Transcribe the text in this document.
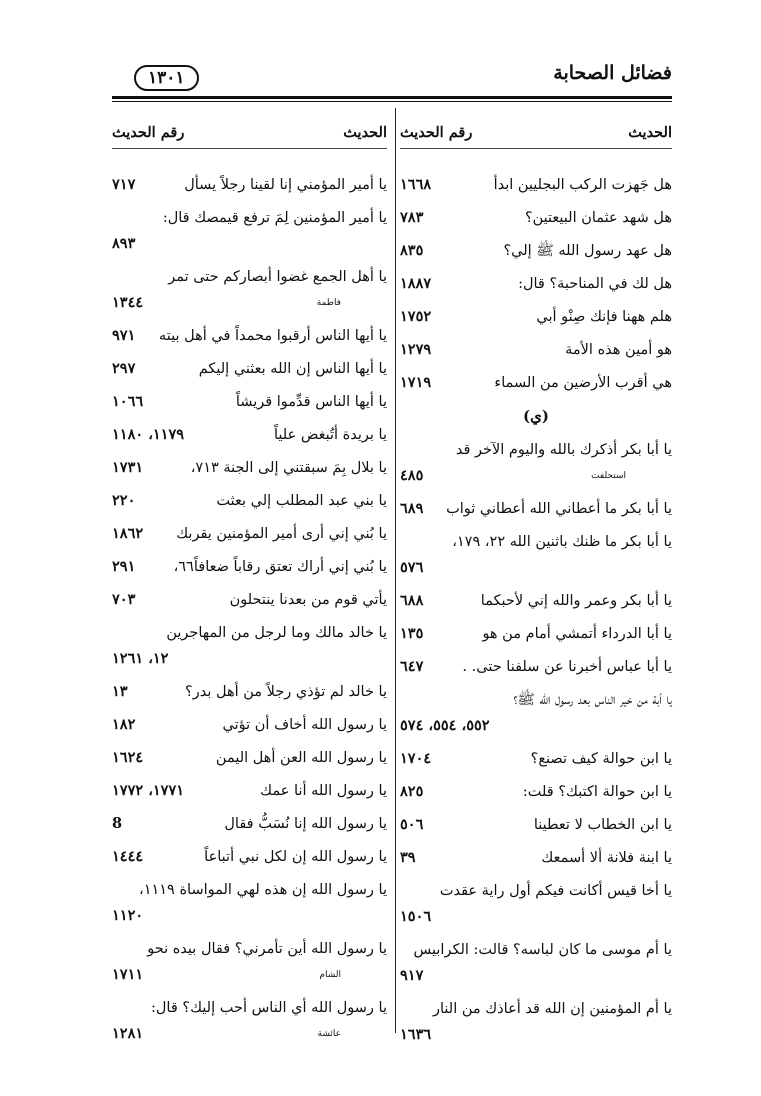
فضائل الصحابة
١٣٠١
الحديث
رقم الحديث
هل جَهزت الركب البجليين ابدأ
١٦٦٨
هل شهد عثمان البيعتين؟
٧٨٣
هل عهد رسول الله ﷺ إلي؟
٨٣٥
هل لك في المناحبة؟ قال:
١٨٨٧
هلم ههنا فإنك صِنْو أبي
١٧٥٢
هو أمين هذه الأمة
١٢٧٩
هي أقرب الأرضين من السماء
١٧١٩
(ي)
يا أبا بكر أذكرك بالله واليوم الآخر قد
استحلفت
٤٨٥
يا أبا بكر ما أعطاني الله أعطاني ثواب
٦٨٩
يا أبا بكر ما ظنك باثنين الله ٢٢، ١٧٩،
٥٧٦
يا أبا بكر وعمر والله إني لأحبكما
٦٨٨
يا أبا الدرداء أتمشي أمام من هو
١٣٥
يا أبا عباس أخبرنا عن سلفنا حتى. .
٦٤٧
يا أبة من خير الناس بعد رسول الله ﷺ؟
٥٥٢، ٥٥٤، ٥٧٤
يا ابن حوالة كيف تصنع؟
١٧٠٤
يا ابن حوالة اكتبك؟ قلت:
٨٢٥
يا ابن الخطاب لا تعطينا
٥٠٦
يا ابنة فلانة ألا أسمعك
٣٩
يا أخا قيس أكانت فيكم أول راية عقدت
١٥٠٦
يا أم موسى ما كان لباسه؟ قالت: الكرابيس
٩١٧
يا أم المؤمنين إن الله قد أعاذك من النار
١٦٣٦
الحديث
رقم الحديث
يا أمير المؤمني إنا لقينا رجلاً يسأل
٧١٧
يا أمير المؤمنين لِمَ ترفع قيمصك قال:
٨٩٣
يا أهل الجمع غضوا أبصاركم حتى تمر
فاطمة
١٣٤٤
يا أيها الناس أرقبوا محمداً في أهل بيته
٩٧١
يا أيها الناس إن الله بعثني إليكم
٢٩٧
يا أيها الناس قدِّموا قريشاً
١٠٦٦
يا بريدة أتُبغض علياً
١١٧٩، ١١٨٠
يا بلال بِمَ سبقتني إلى الجنة ٧١٣،
١٧٣١
يا بني عبد المطلب إلي بعثت
٢٢٠
يا بُني إني أرى أمير المؤمنين يقربك
١٨٦٢
يا بُني إني أراك تعتق رقاباً ضعافاً٦٦،
٢٩١
يأتي قوم من بعدنا ينتحلون
٧٠٣
يا خالد مالك وما لرجل من المهاجرين
١٢، ١٢٦١
يا خالد لم تؤذي رجلاً من أهل بدر؟
١٣
يا رسول الله أخاف أن تؤتي
١٨٢
يا رسول الله العن أهل اليمن
١٦٢٤
يا رسول الله أنا عمك
١٧٧١، ١٧٧٢
يا رسول الله إنا نُسَبُّ فقال
8
يا رسول الله إن لكل نبي أتباعاً
١٤٤٤
يا رسول الله إن هذه لهي المواساة ١١١٩،
١١٢٠
يا رسول الله أين تأمرني؟ فقال بيده نحو
الشام
١٧١١
يا رسول الله أي الناس أحب إليك؟ قال:
عائشة
١٢٨١
